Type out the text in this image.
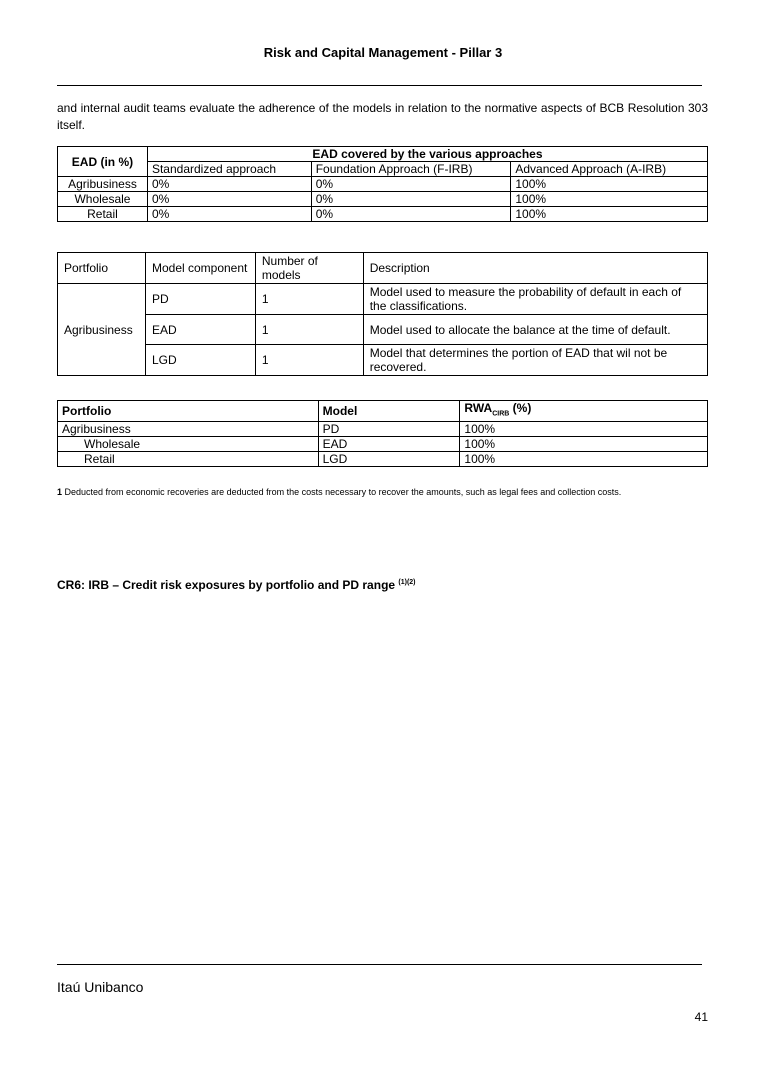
Risk and Capital Management - Pillar 3
and internal audit teams evaluate the adherence of the models in relation to the normative aspects of BCB Resolution 303 itself.
EAD (in %)	EAD covered by the various approaches		
	Standardized approach	Foundation Approach (F-IRB)	Advanced Approach (A-IRB)
Agribusiness	0%	0%	100%
Wholesale	0%	0%	100%
Retail	0%	0%	100%
Portfolio	Model component	Number of models	Description
Agribusiness	PD	1	Model used to measure the probability of default in each of the classifications.
	EAD	1	Model used to allocate the balance at the time of default.
	LGD	1	Model that determines the portion of EAD that wil not be recovered.
Portfolio	Model	$RWA_{CIRB}$ (%)
Agribusiness	PD	100%
Wholesale	EAD	100%
Retail	LGD	100%
$^1$ Deducted from economic recoveries are deducted from the costs necessary to recover the amounts, such as legal fees and collection costs.
CR6: IRB – Credit risk exposures by portfolio and PD range $^{(1)(2)}$
Itaú Unibanco
41
